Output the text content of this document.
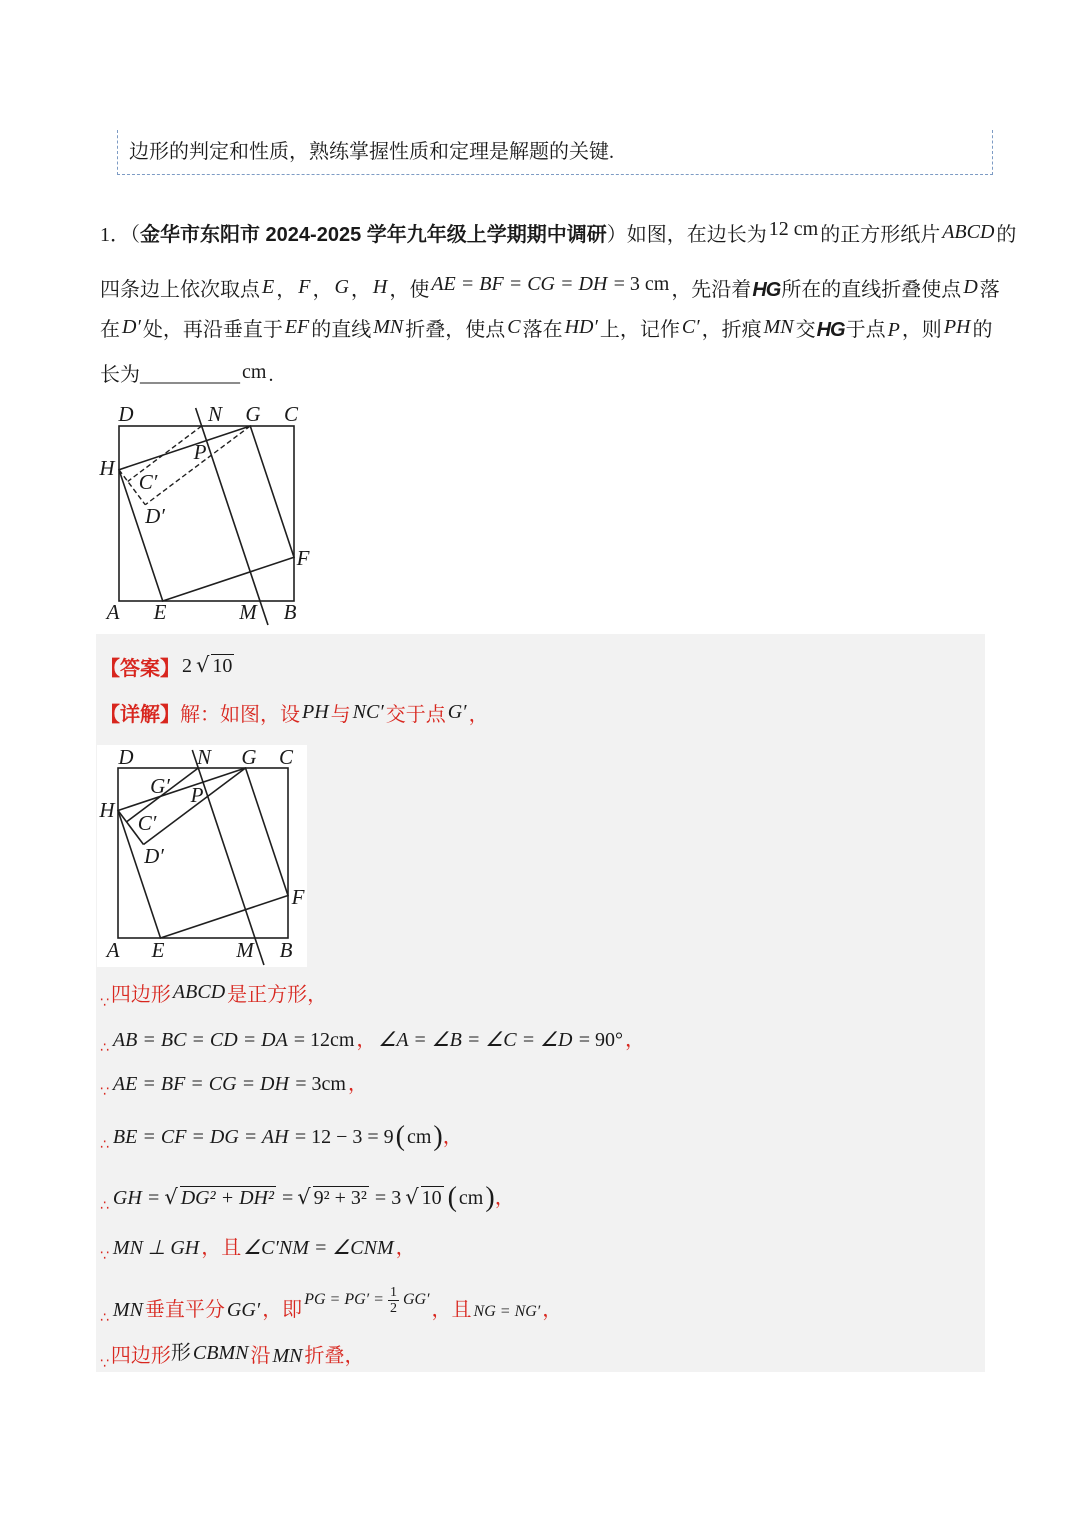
边形的判定和性质，熟练掌握性质和定理是解题的关键.
1．（金华市东阳市 2024-2025 学年九年级上学期期中调研）如图，在边长为 12 cm 的正方形纸片 ABCD 的
四条边上依次取点 E ， F ， G ， H ，使 AE = BF = CG = DH = 3 cm ，先沿着HG所在的直线折叠使点 D 落
在 D′ 处，再沿垂直于 EF 的直线 MN 折叠，使点 C 落在 HD′ 上，记作 C′ ，折痕 MN 交HG于点 P ，则 PH 的
长为__________ cm .
D	N G C
H
P
C′
D′
F
A E	M B
【答案】 2 √ 10
【详解】解：如图，设 PH 与 NC′ 交于点 G′ ，
D	N G C
G′ P
H
C′
D′
F
A E	M B
$_\because$ 四边形 ABCD 是正方形，
$_\therefore$ AB = BC = CD = DA = 12cm ， ∠A = ∠B = ∠C = ∠D = 90° ，
$_\because$ AE = BF = CG = DH = 3cm ，
$_\therefore$ BE = CF = DG = AH = 12 − 3 = 9( cm)，
$_\therefore$ GH = √ DG² + DH² = √ 9² + 3² = 3 √ 10 ( cm)，
$_\because$ MN ⊥ GH ，且 ∠C′NM = ∠CNM ，
$_\therefore$ MN 垂直平分 GG′ ，即 $^{PG = PG' = \frac{1}{2} GG'}$ ，且 NG = NG′ ，
$_\because$ 四边形形 CBMN 沿 MN 折叠，
